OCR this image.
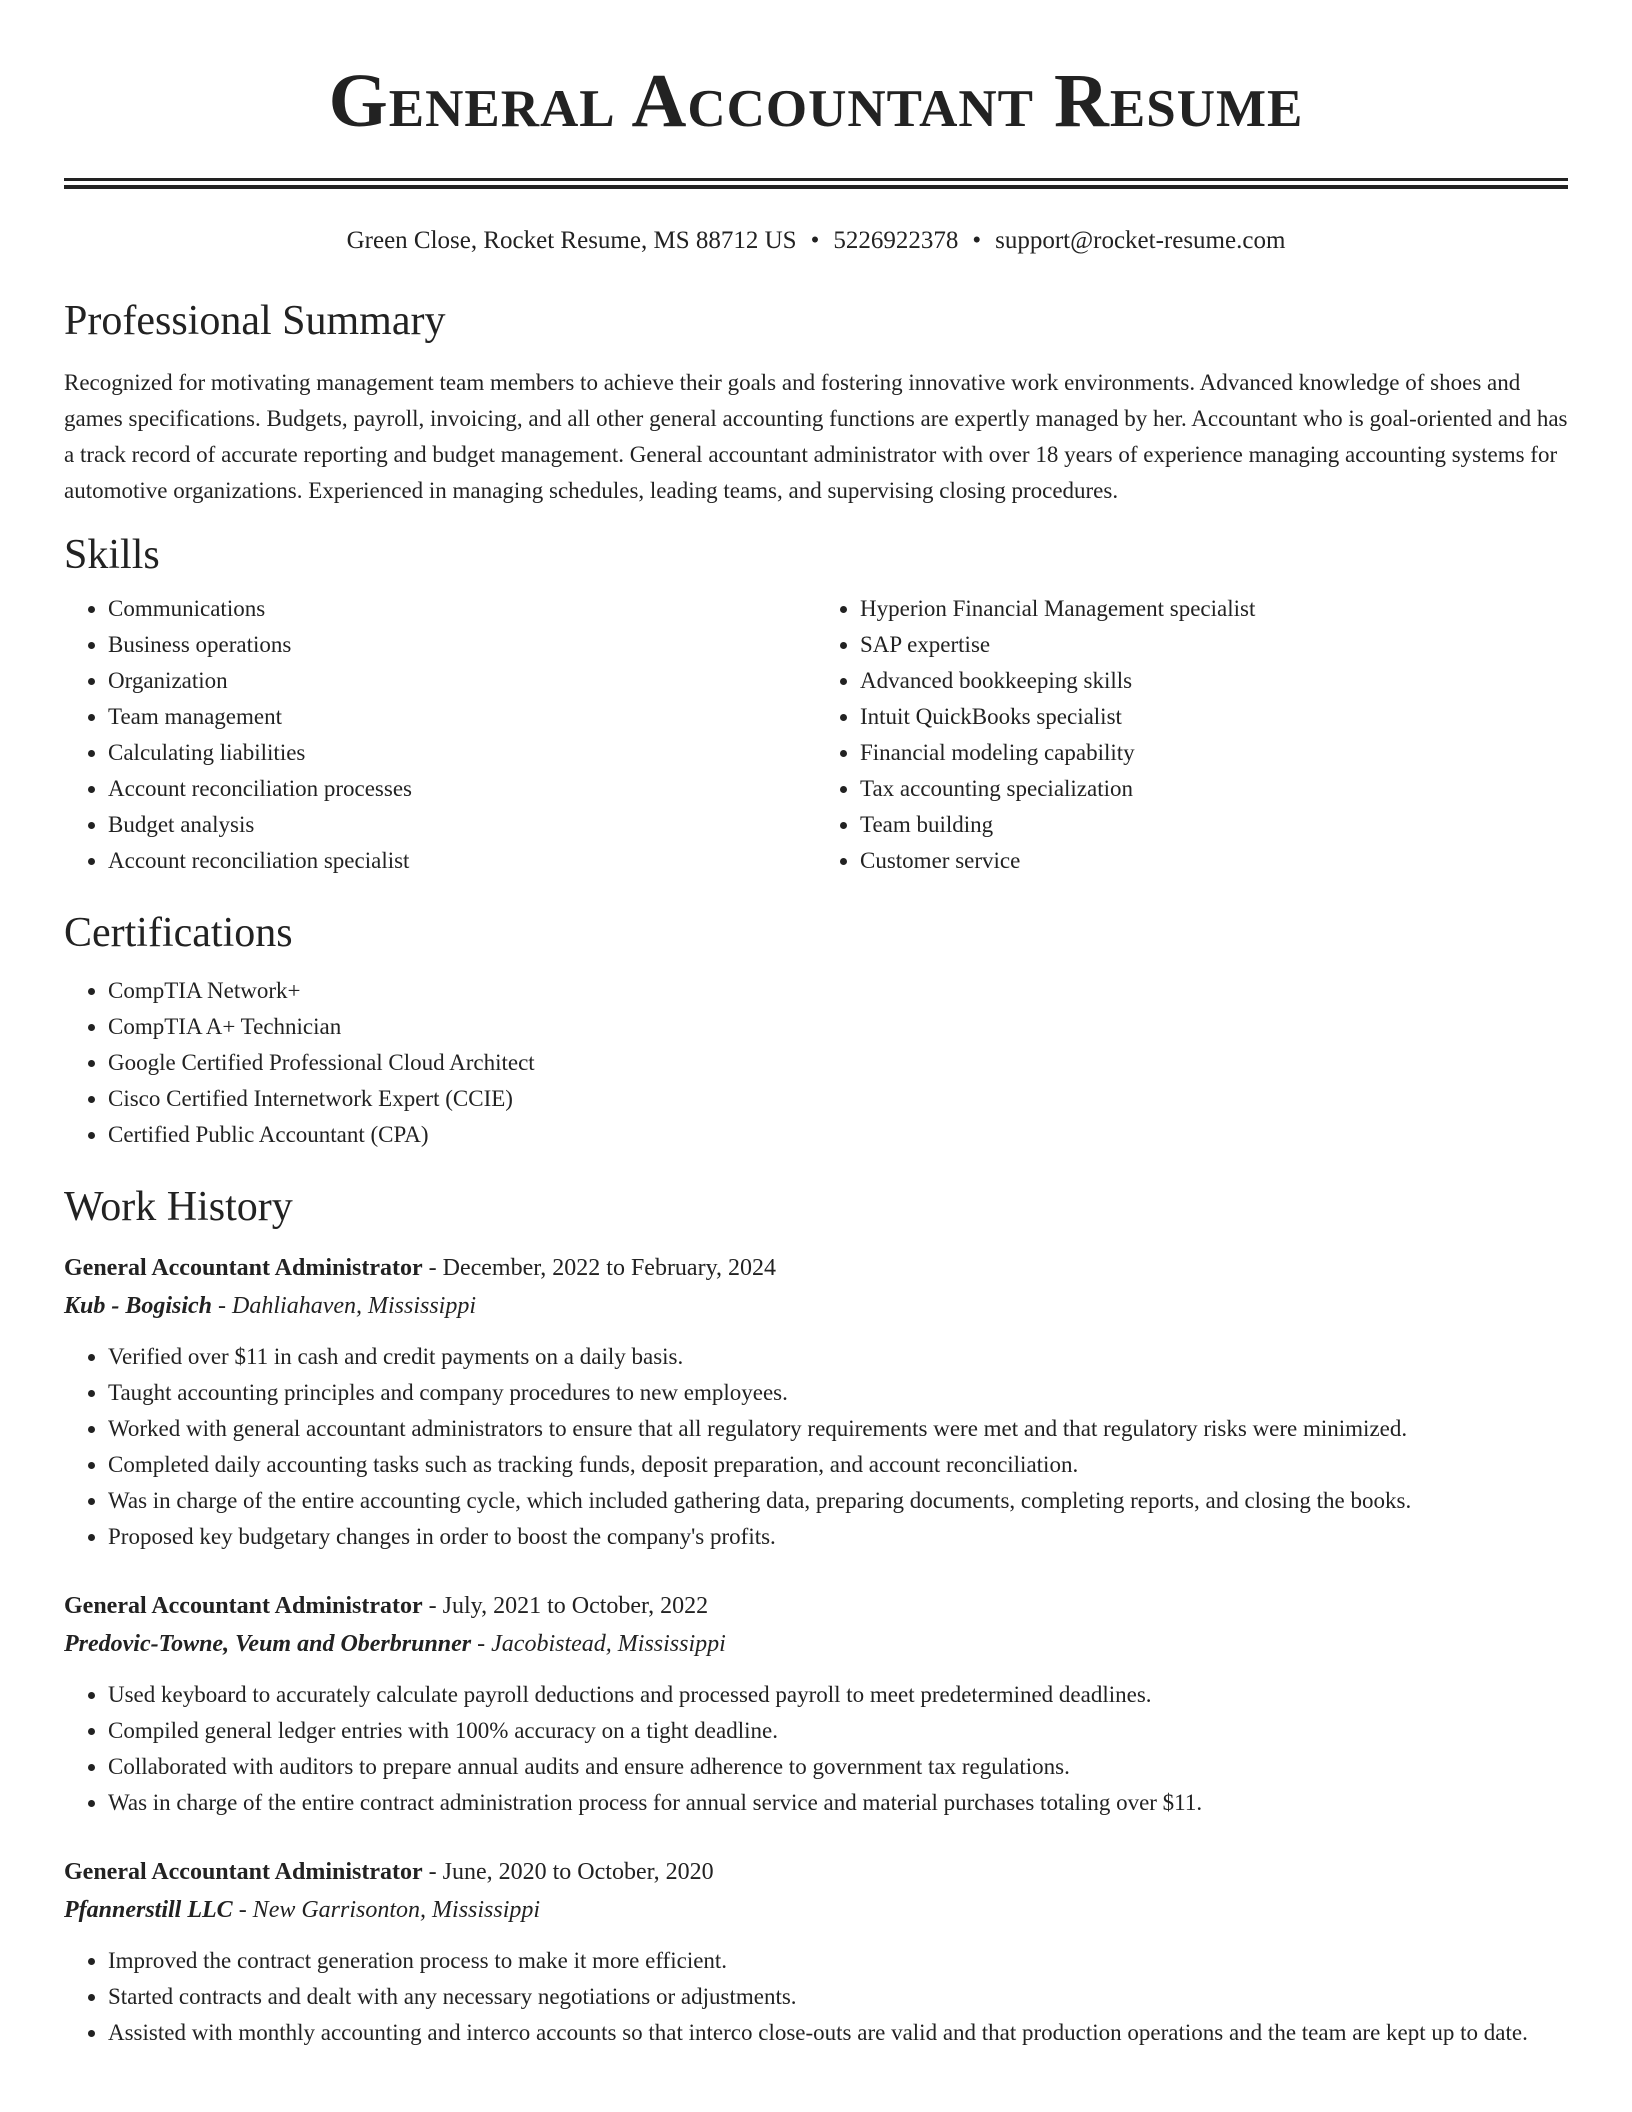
General Accountant Resume
Green Close, Rocket Resume, MS 88712 US • 5226922378 • support@rocket-resume.com
Professional Summary

Recognized for motivating management team members to achieve their goals and fostering innovative work environments. Advanced knowledge of shoes and games specifications. Budgets, payroll, invoicing, and all other general accounting functions are expertly managed by her. Accountant who is goal-oriented and has a track record of accurate reporting and budget management. General accountant administrator with over 18 years of experience managing accounting systems for automotive organizations. Experienced in managing schedules, leading teams, and supervising closing procedures.

Skills
• Communications
• Business operations
• Organization
• Team management
• Calculating liabilities
• Account reconciliation processes
• Budget analysis
• Account reconciliation specialist
• Hyperion Financial Management specialist
• SAP expertise
• Advanced bookkeeping skills
• Intuit QuickBooks specialist
• Financial modeling capability
• Tax accounting specialization
• Team building
• Customer service
Certifications
• CompTIA Network+
• CompTIA A+ Technician
• Google Certified Professional Cloud Architect
• Cisco Certified Internetwork Expert (CCIE)
• Certified Public Accountant (CPA)
Work History
General Accountant Administrator - December, 2022 to February, 2024
Kub - Bogisich - Dahliahaven, Mississippi
• Verified over $11 in cash and credit payments on a daily basis.
• Taught accounting principles and company procedures to new employees.
• Worked with general accountant administrators to ensure that all regulatory requirements were met and that regulatory risks were minimized.
• Completed daily accounting tasks such as tracking funds, deposit preparation, and account reconciliation.
• Was in charge of the entire accounting cycle, which included gathering data, preparing documents, completing reports, and closing the books.
• Proposed key budgetary changes in order to boost the company's profits.
General Accountant Administrator - July, 2021 to October, 2022
Predovic-Towne, Veum and Oberbrunner - Jacobistead, Mississippi
• Used keyboard to accurately calculate payroll deductions and processed payroll to meet predetermined deadlines.
• Compiled general ledger entries with 100% accuracy on a tight deadline.
• Collaborated with auditors to prepare annual audits and ensure adherence to government tax regulations.
• Was in charge of the entire contract administration process for annual service and material purchases totaling over $11.
General Accountant Administrator - June, 2020 to October, 2020
Pfannerstill LLC - New Garrisonton, Mississippi
• Improved the contract generation process to make it more efficient.
• Started contracts and dealt with any necessary negotiations or adjustments.
• Assisted with monthly accounting and interco accounts so that interco close-outs are valid and that production operations and the team are kept up to date.
